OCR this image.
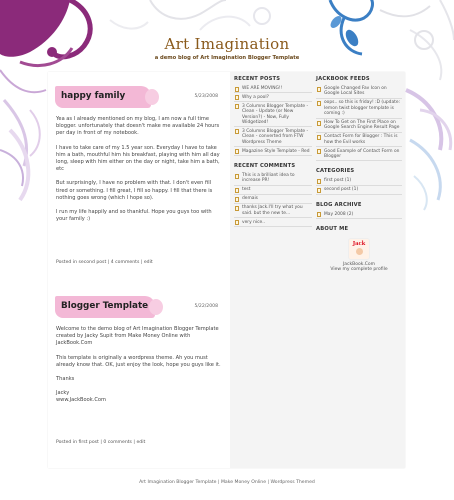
Art Imagination
a demo blog of Art Imagination Blogger Template
happy family	5/23/2008

Yea as I already mentioned on my blog, I am now a full time blogger. unfortunately that doesn't make me available 24 hours per day in front of my notebook.

I have to take care of my 1.5 year son. Everyday I have to take him a bath, mouthful him his breakfast, playing with him all day long, sleep with him either on the day or night, take him a bath, etc

But surprisingly, I have no problem with that. I don't even fill tired or something. I fill great, I fill so happy. I fill that there is nothing goes wrong (which I hope so).

I run my life happily and so thankful. Hope you guys too with your family :)

Posted in second post | 4 comments | edit
Blogger Template	5/22/2008

Welcome to the demo blog of Art Imagination Blogger Template created by Jacky Supit from Make Money Online with JackBook.Com

This template is originally a wordpress theme. Ah you must already know that. OK, just enjoy the look, hope you guys like it.

Thanks

Jacky
www.JackBook.Com

Posted in first post | 0 comments | edit
RECENT POSTS
WE ARE MOVING!!
Why a pool?
3 Columns Blogger Template - Clean - Update (or New Version?) - Now, Fully Widgetized!
3 Columns Blogger Template - Clean - converted from FTW Wordpress Theme
Magazine Style Template - Red
RECENT COMMENTS
This is a brilliant idea to increase PR!
test
demais
thanks Jack.I'll try what you said. but the new te...
very nice..
JACKBOOK FEEDS
Google Changed Fav Icon on Google Local Sites
oops.. so this is friday! :D (update: lemon twist blogger template is coming :)
How To Get on The First Place on Google Search Engine Result Page
Contact Form for Blogger : This is how the Evil works
Good Example of Contact Form on Blogger
CATEGORIES
first post (1)
second post (1)
BLOG ARCHIVE
May 2008 (2)
ABOUT ME
Jack
JackBook.Com
View my complete profile
Art Imagination Blogger Template | Make Money Online | Wordpress Themed
